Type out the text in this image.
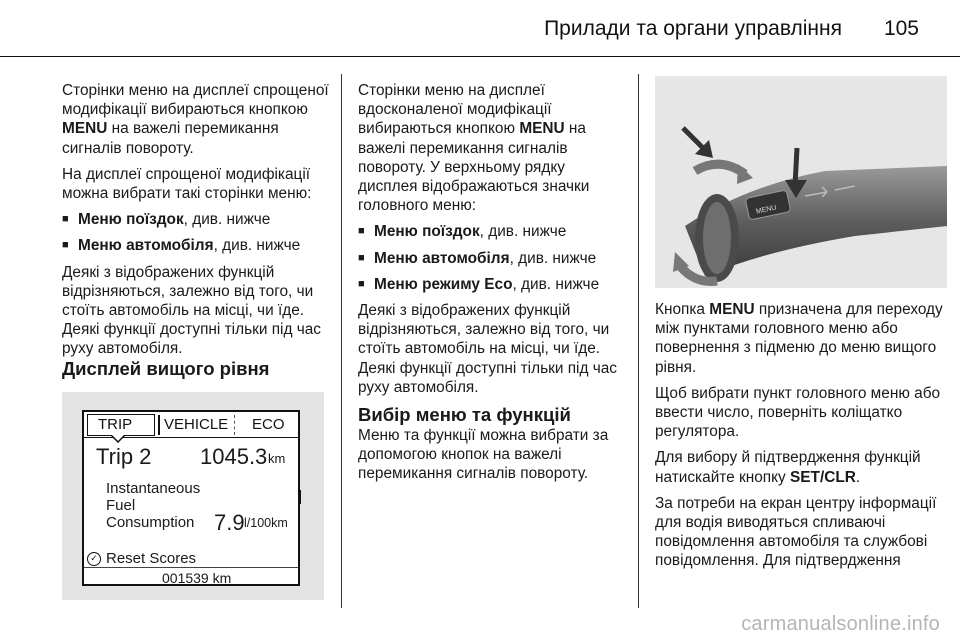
Прилади та органи управління 105

Сторінки меню на дисплеї спрощеної модифікації вибираються кнопкою MENU на важелі перемикання сигналів повороту.

На дисплеї спрощеної модифікації можна вибрати такі сторінки меню:

■ Меню поїздок, див. нижче

■ Меню автомобіля, див. нижче

Деякі з відображених функцій відрізняються, залежно від того, чи стоїть автомобіль на місці, чи їде. Деякі функції доступні тільки під час руху автомобіля.

Дисплей вищого рівня
TRIP VEHICLE ECO
Trip 2 1045.3 km
Instantaneous
Fuel
Consumption 7.9 l/100km
✓ Reset Scores
001539 km

Сторінки меню на дисплеї вдосконаленої модифікації вибираються кнопкою MENU на важелі перемикання сигналів повороту. У верхньому рядку дисплея відображаються значки головного меню:

■ Меню поїздок, див. нижче

■ Меню автомобіля, див. нижче

■ Меню режиму Eco, див. нижче

Деякі з відображених функцій відрізняються, залежно від того, чи стоїть автомобіль на місці, чи їде. Деякі функції доступні тільки під час руху автомобіля.

Вибір меню та функцій

Меню та функції можна вибрати за допомогою кнопок на важелі перемикання сигналів повороту.

MENU

Кнопка MENU призначена для переходу між пунктами головного меню або повернення з підменю до меню вищого рівня.

Щоб вибрати пункт головного меню або ввести число, поверніть коліщатко регулятора.

Для вибору й підтвердження функцій натискайте кнопку SET/CLR.

За потреби на екран центру інформації для водія виводяться спливаючі повідомлення автомобіля та службові повідомлення. Для підтвердження

carmanualsonline.info
